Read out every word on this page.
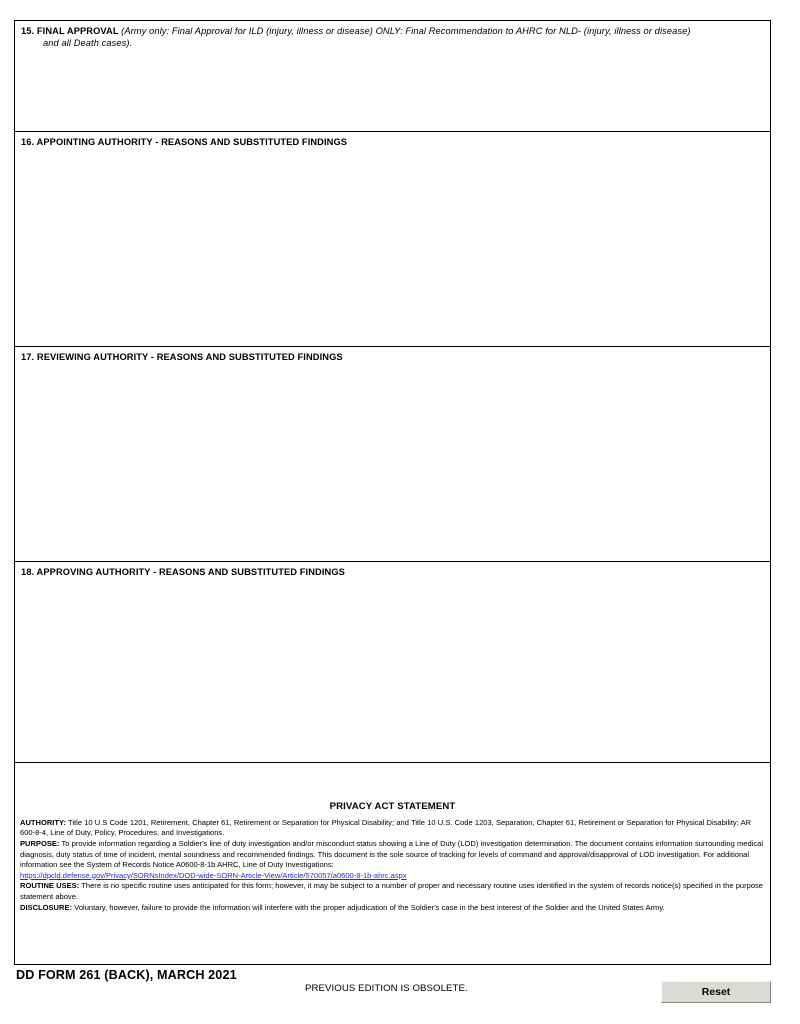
15. FINAL APPROVAL (Army only: Final Approval for ILD (injury, illness or disease) ONLY: Final Recommendation to AHRC for NLD- (injury, illness or disease)
and all Death cases).
16. APPOINTING AUTHORITY - REASONS AND SUBSTITUTED FINDINGS
17. REVIEWING AUTHORITY - REASONS AND SUBSTITUTED FINDINGS
18. APPROVING AUTHORITY - REASONS AND SUBSTITUTED FINDINGS
PRIVACY ACT STATEMENT

AUTHORITY: Title 10 U.S Code 1201, Retirement, Chapter 61, Retirement or Separation for Physical Disability; and Title 10 U.S. Code 1203, Separation, Chapter 61, Retirement or Separation for Physical Disability; AR 600-8-4, Line of Duty, Policy, Procedures, and Investigations.

PURPOSE: To provide information regarding a Soldier's line of duty investigation and/or misconduct status showing a Line of Duty (LOD) investigation determination. The document contains information surrounding medical diagnosis, duty status of time of incident, mental soundness and recommended findings. This document is the sole source of tracking for levels of command and approval/disapproval of LOD investigation. For additional information see the System of Records Notice A0600-8-1b AHRC, Line of Duty Investigations:
https://dpcld.defense.gov/Privacy/SORNsIndex/DOD-wide-SORN-Article-View/Article/570057/a0600-8-1b-ahrc.aspx

ROUTINE USES: There is no specific routine uses anticipated for this form; however, it may be subject to a number of proper and necessary routine uses identified in the system of records notice(s) specified in the purpose statement above.

DISCLOSURE: Voluntary, however, failure to provide the information will interfere with the proper adjudication of the Soldier's case in the best interest of the Soldier and the United States Army.

DD FORM 261 (BACK), MARCH 2021
PREVIOUS EDITION IS OBSOLETE.	Reset
